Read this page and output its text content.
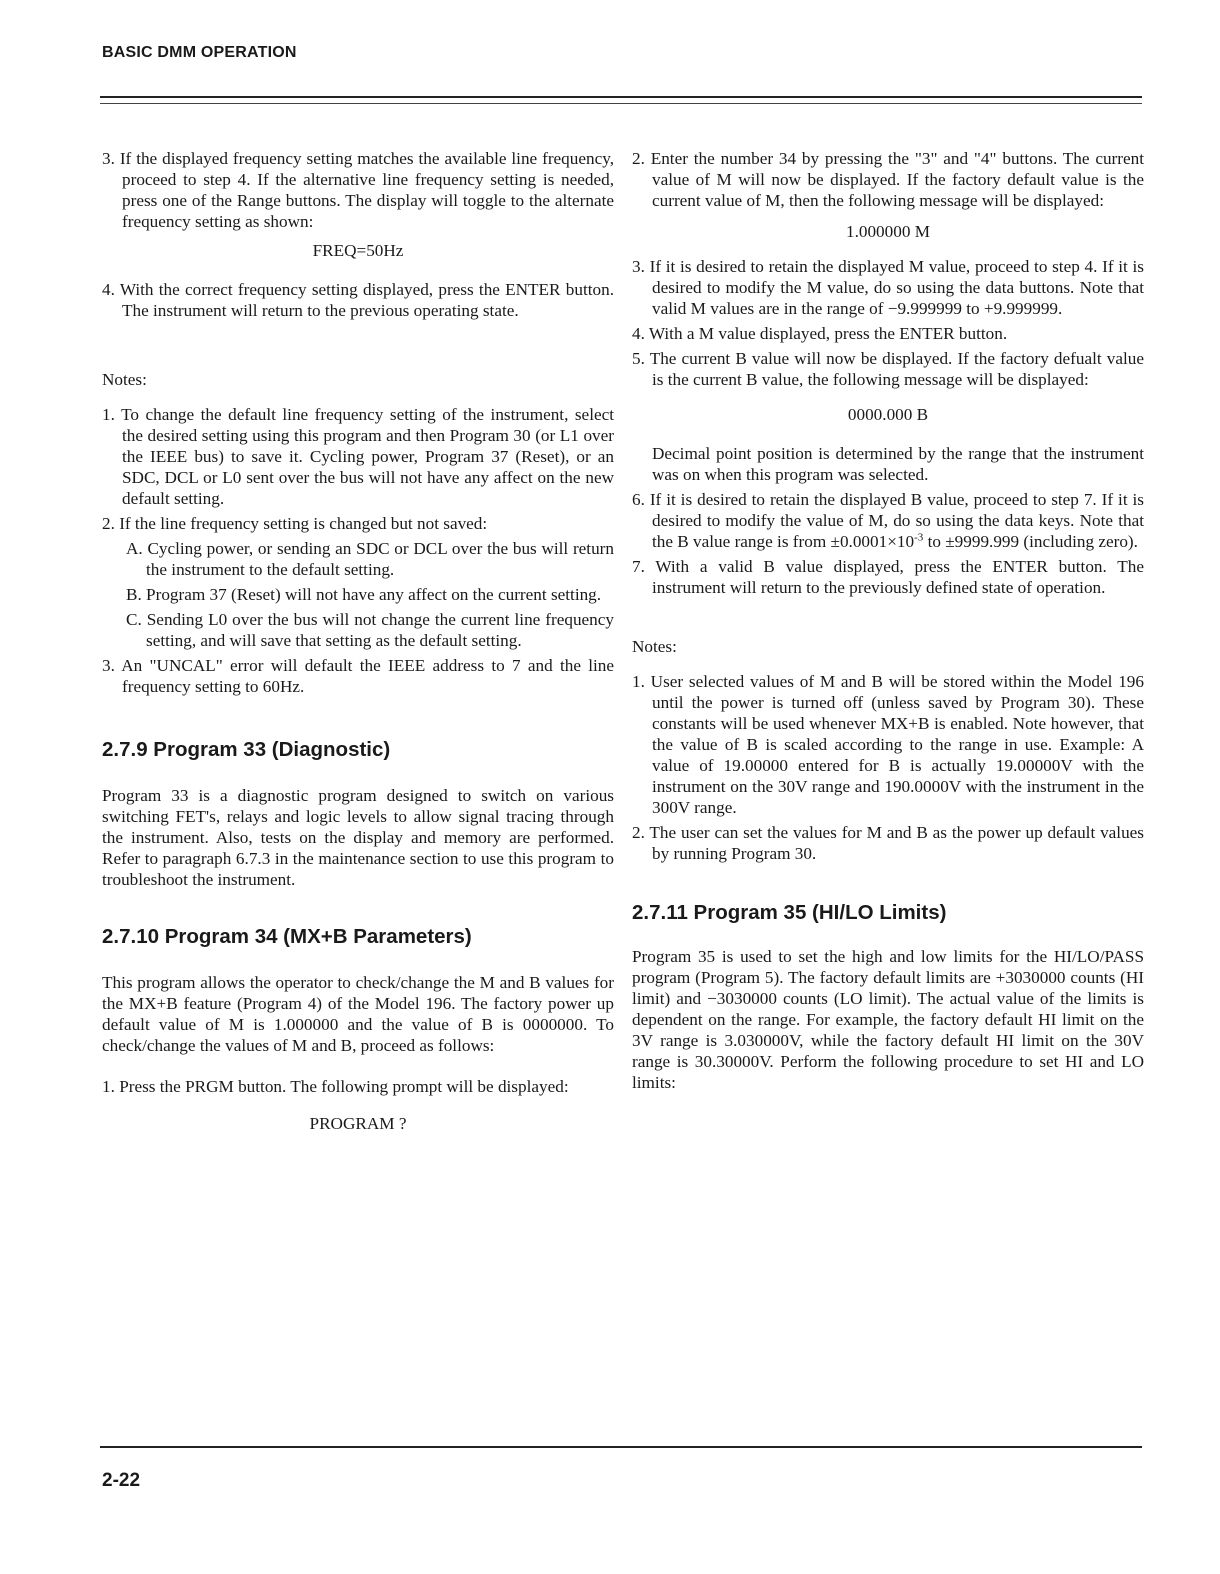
BASIC DMM OPERATION

3. If the displayed frequency setting matches the available line frequency, proceed to step 4. If the alternative line frequency setting is needed, press one of the Range buttons. The display will toggle to the alternate frequency setting as shown:

FREQ=50Hz

4. With the correct frequency setting displayed, press the ENTER button. The instrument will return to the previous operating state.

Notes:

1. To change the default line frequency setting of the instrument, select the desired setting using this program and then Program 30 (or L1 over the IEEE bus) to save it. Cycling power, Program 37 (Reset), or an SDC, DCL or L0 sent over the bus will not have any affect on the new default setting.

2. If the line frequency setting is changed but not saved:

A. Cycling power, or sending an SDC or DCL over the bus will return the instrument to the default setting.

B. Program 37 (Reset) will not have any affect on the current setting.

C. Sending L0 over the bus will not change the current line frequency setting, and will save that setting as the default setting.

3. An "UNCAL" error will default the IEEE address to 7 and the line frequency setting to 60Hz.

2.7.9 Program 33 (Diagnostic)

Program 33 is a diagnostic program designed to switch on various switching FET's, relays and logic levels to allow signal tracing through the instrument. Also, tests on the display and memory are performed. Refer to paragraph 6.7.3 in the maintenance section to use this program to troubleshoot the instrument.

2.7.10 Program 34 (MX+B Parameters)

This program allows the operator to check/change the M and B values for the MX+B feature (Program 4) of the Model 196. The factory power up default value of M is 1.000000 and the value of B is 0000000. To check/change the values of M and B, proceed as follows:

1. Press the PRGM button. The following prompt will be displayed:

PROGRAM ?

2. Enter the number 34 by pressing the "3" and "4" buttons. The current value of M will now be displayed. If the factory default value is the current value of M, then the following message will be displayed:

1.000000 M

3. If it is desired to retain the displayed M value, proceed to step 4. If it is desired to modify the M value, do so using the data buttons. Note that valid M values are in the range of −9.999999 to +9.999999.

4. With a M value displayed, press the ENTER button.

5. The current B value will now be displayed. If the factory defualt value is the current B value, the following message will be displayed:

0000.000 B

Decimal point position is determined by the range that the instrument was on when this program was selected.

6. If it is desired to retain the displayed B value, proceed to step 7. If it is desired to modify the value of M, do so using the data keys. Note that the B value range is from $\pm 0.0001\times 10^{-3}$ to ±9999.999 (including zero).

7. With a valid B value displayed, press the ENTER button. The instrument will return to the previously defined state of operation.

Notes:

1. User selected values of M and B will be stored within the Model 196 until the power is turned off (unless saved by Program 30). These constants will be used whenever MX+B is enabled. Note however, that the value of B is scaled according to the range in use. Example: A value of 19.00000 entered for B is actually 19.00000V with the instrument on the 30V range and 190.0000V with the instrument in the 300V range.

2. The user can set the values for M and B as the power up default values by running Program 30.

2.7.11 Program 35 (HI/LO Limits)

Program 35 is used to set the high and low limits for the HI/LO/PASS program (Program 5). The factory default limits are +3030000 counts (HI limit) and −3030000 counts (LO limit). The actual value of the limits is dependent on the range. For example, the factory default HI limit on the 3V range is 3.030000V, while the factory default HI limit on the 30V range is 30.30000V. Perform the following procedure to set HI and LO limits:

2-22
